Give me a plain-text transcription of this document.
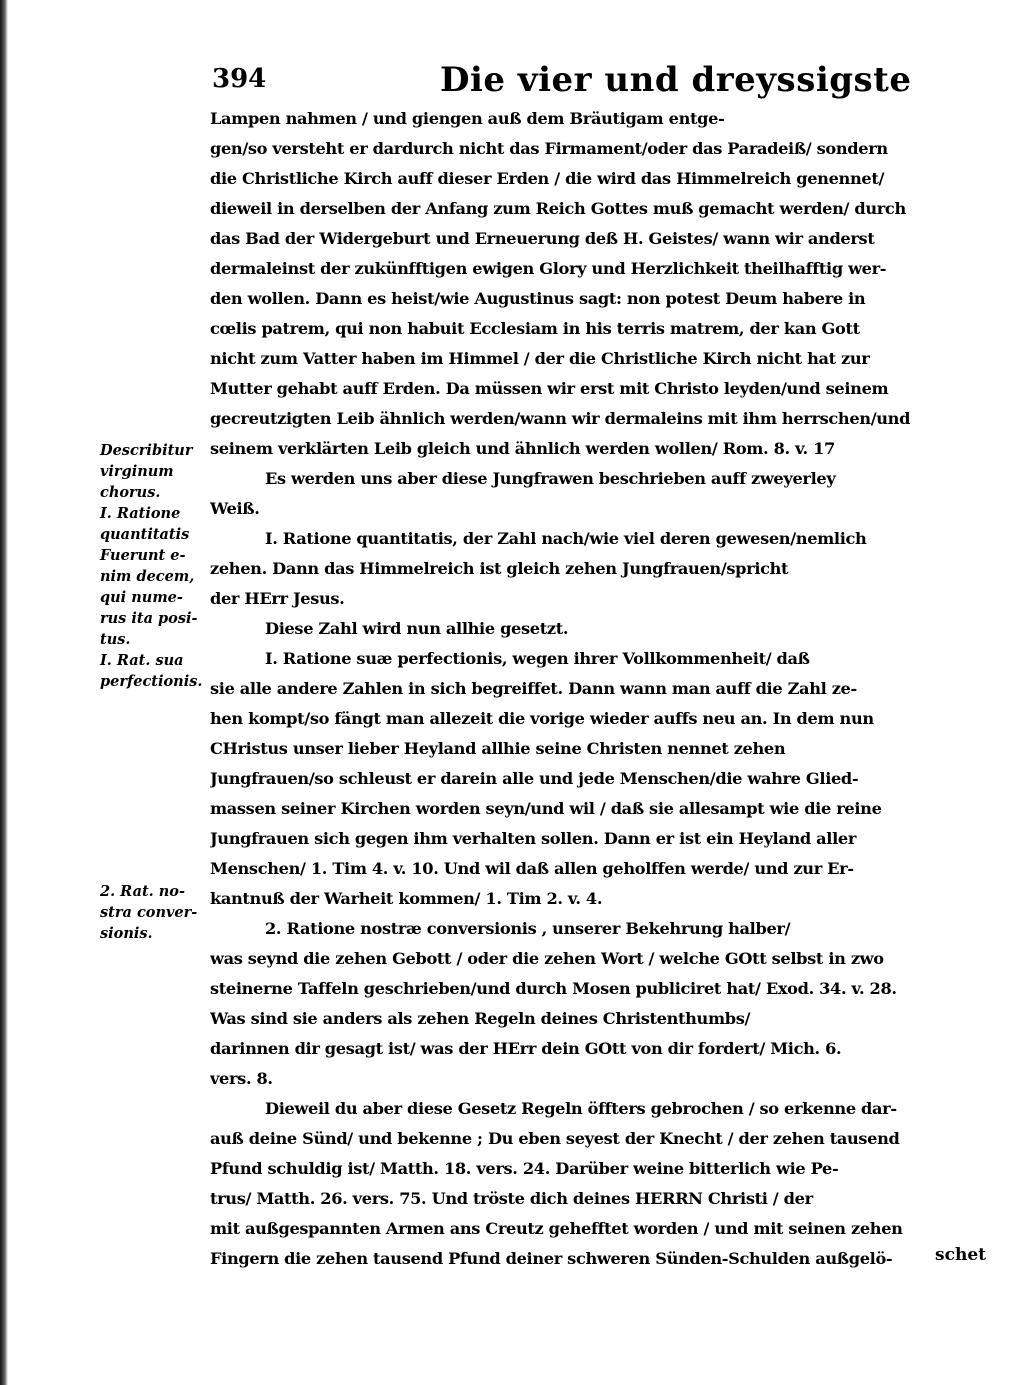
394	Die vier und dreyssigste
Describitur
virginum
chorus.
I. Ratione
quantitatis
Fuerunt e-
nim decem,
qui nume-
rus ita posi-
tus.
I. Rat. sua
perfectionis.

2. Rat. no-
stra conver-
sionis.
Lampen nahmen / und giengen auß dem Bräutigam entge-
gen/so versteht er dardurch nicht das Firmament/oder das Paradeiß/ sondern
die Christliche Kirch auff dieser Erden / die wird das Himmelreich genennet/
dieweil in derselben der Anfang zum Reich Gottes muß gemacht werden/ durch
das Bad der Widergeburt und Erneuerung deß H. Geistes/ wann wir anderst
dermaleinst der zukünfftigen ewigen Glory und Herzlichkeit theilhafftig wer-
den wollen. Dann es heist/wie Augustinus sagt: non potest Deum habere in
cœlis patrem, qui non habuit Ecclesiam in his terris matrem, der kan Gott
nicht zum Vatter haben im Himmel / der die Christliche Kirch nicht hat zur
Mutter gehabt auff Erden. Da müssen wir erst mit Christo leyden/und seinem
gecreutzigten Leib ähnlich werden/wann wir dermaleins mit ihm herrschen/und
seinem verklärten Leib gleich und ähnlich werden wollen/ Rom. 8. v. 17
Es werden uns aber diese Jungfrawen beschrieben auff zweyerley
Weiß.
I. Ratione quantitatis, der Zahl nach/wie viel deren gewesen/nemlich
zehen. Dann das Himmelreich ist gleich zehen Jungfrauen/spricht
der HErr Jesus.
Diese Zahl wird nun allhie gesetzt.
I. Ratione suæ perfectionis, wegen ihrer Vollkommenheit/ daß
sie alle andere Zahlen in sich begreiffet. Dann wann man auff die Zahl ze-
hen kompt/so fängt man allezeit die vorige wieder auffs neu an. In dem nun
CHristus unser lieber Heyland allhie seine Christen nennet zehen
Jungfrauen/so schleust er darein alle und jede Menschen/die wahre Glied-
massen seiner Kirchen worden seyn/und wil / daß sie allesampt wie die reine
Jungfrauen sich gegen ihm verhalten sollen. Dann er ist ein Heyland aller
Menschen/ 1. Tim 4. v. 10. Und wil daß allen geholffen werde/ und zur Er-
kantnuß der Warheit kommen/ 1. Tim 2. v. 4.
2. Ratione nostræ conversionis , unserer Bekehrung halber/
was seynd die zehen Gebott / oder die zehen Wort / welche GOtt selbst in zwo
steinerne Taffeln geschrieben/und durch Mosen publiciret hat/ Exod. 34. v. 28.
Was sind sie anders als zehen Regeln deines Christenthumbs/
darinnen dir gesagt ist/ was der HErr dein GOtt von dir fordert/ Mich. 6.
vers. 8.
Dieweil du aber diese Gesetz Regeln öffters gebrochen / so erkenne dar-
auß deine Sünd/ und bekenne ; Du eben seyest der Knecht / der zehen tausend
Pfund schuldig ist/ Matth. 18. vers. 24. Darüber weine bitterlich wie Pe-
trus/ Matth. 26. vers. 75. Und tröste dich deines HERRN Christi / der
mit außgespannten Armen ans Creutz gehefftet worden / und mit seinen zehen
Fingern die zehen tausend Pfund deiner schweren Sünden-Schulden außgelö-	schet
